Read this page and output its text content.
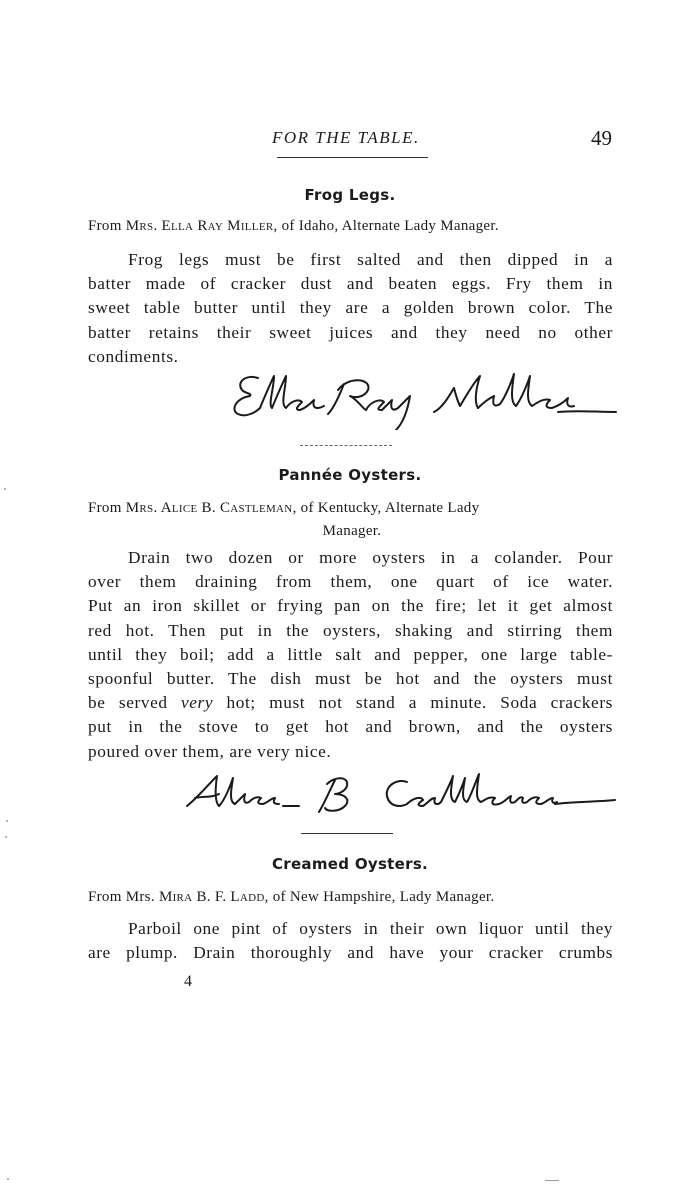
FOR THE TABLE.	49
Frog Legs.
From Mrs. Ella Ray Miller, of Idaho, Alternate Lady Manager.
Frog legs must be first salted and then dipped in a
batter made of cracker dust and beaten eggs. Fry them in
sweet table butter until they are a golden brown color. The
batter retains their sweet juices and they need no other
condiments.
Pannée Oysters.
From Mrs. Alice B. Castleman, of Kentucky, Alternate Lady
Manager.
Drain two dozen or more oysters in a colander. Pour
over them draining from them, one quart of ice water.
Put an iron skillet or frying pan on the fire; let it get almost
red hot. Then put in the oysters, shaking and stirring them
until they boil; add a little salt and pepper, one large table-
spoonful butter. The dish must be hot and the oysters must
be served very hot; must not stand a minute. Soda crackers
put in the stove to get hot and brown, and the oysters
poured over them, are very nice.
Creamed Oysters.
From Mrs. Mira B. F. Ladd, of New Hampshire, Lady Manager.
Parboil one pint of oysters in their own liquor until they
are plump. Drain thoroughly and have your cracker crumbs
4
